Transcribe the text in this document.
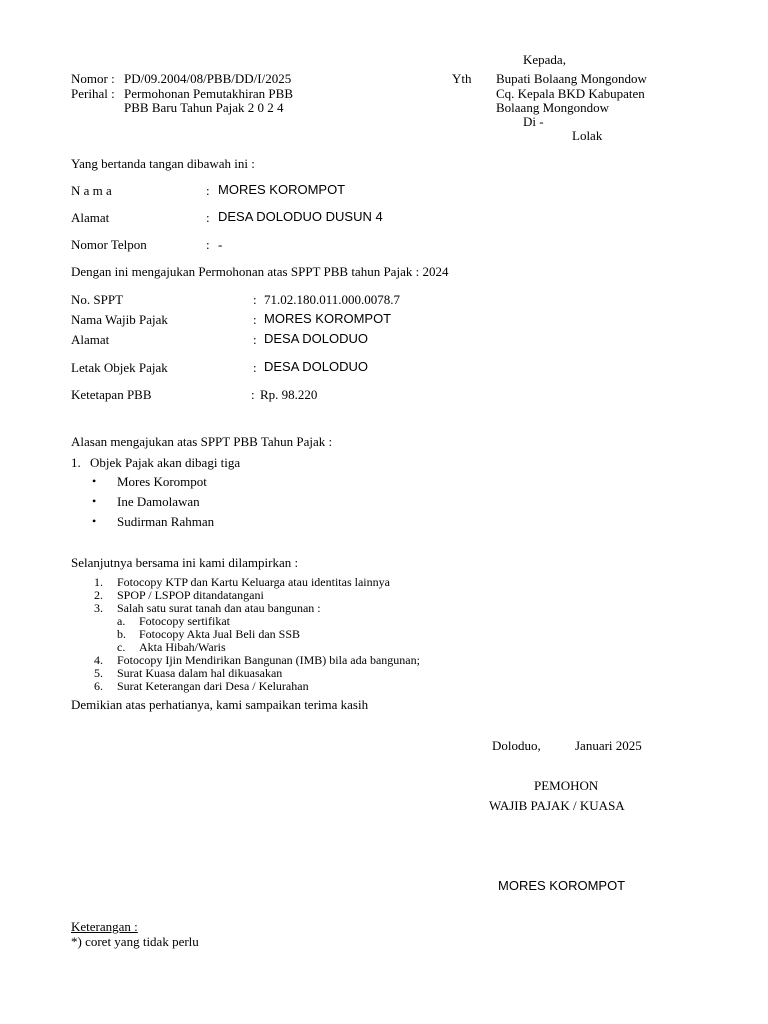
Kepada,
Yth Bupati Bolaang Mongondow
Cq. Kepala BKD Kabupaten
Bolaang Mongondow
Di -
Lolak
Nomor : PD/09.2004/08/PBB/DD/I/2025
Perihal : Permohonan Pemutakhiran PBB
PBB Baru Tahun Pajak 2 0 2 4
Yang bertanda tangan dibawah ini :
N a m a	: MORES KOROMPOT
Alamat	: DESA DOLODUO DUSUN 4
Nomor Telpon	: -
Dengan ini mengajukan Permohonan atas SPPT PBB tahun Pajak : 2024
No. SPPT	: 71.02.180.011.000.0078.7
Nama Wajib Pajak	: MORES KOROMPOT
Alamat	: DESA DOLODUO
Letak Objek Pajak	: DESA DOLODUO
Ketetapan PBB	: Rp. 98.220
Alasan mengajukan atas SPPT PBB Tahun Pajak :
1. Objek Pajak akan dibagi tiga
• Mores Korompot
• Ine Damolawan
• Sudirman Rahman
Selanjutnya bersama ini kami dilampirkan :
1. Fotocopy KTP dan Kartu Keluarga atau identitas lainnya
2. SPOP / LSPOP ditandatangani
3. Salah satu surat tanah dan atau bangunan :
a. Fotocopy sertifikat
b. Fotocopy Akta Jual Beli dan SSB
c. Akta Hibah/Waris
4. Fotocopy Ijin Mendirikan Bangunan (IMB) bila ada bangunan;
5. Surat Kuasa dalam hal dikuasakan
6. Surat Keterangan dari Desa / Kelurahan
Demikian atas perhatianya, kami sampaikan terima kasih
Doloduo,	Januari 2025
PEMOHON
WAJIB PAJAK / KUASA
MORES KOROMPOT
Keterangan :
*) coret yang tidak perlu
